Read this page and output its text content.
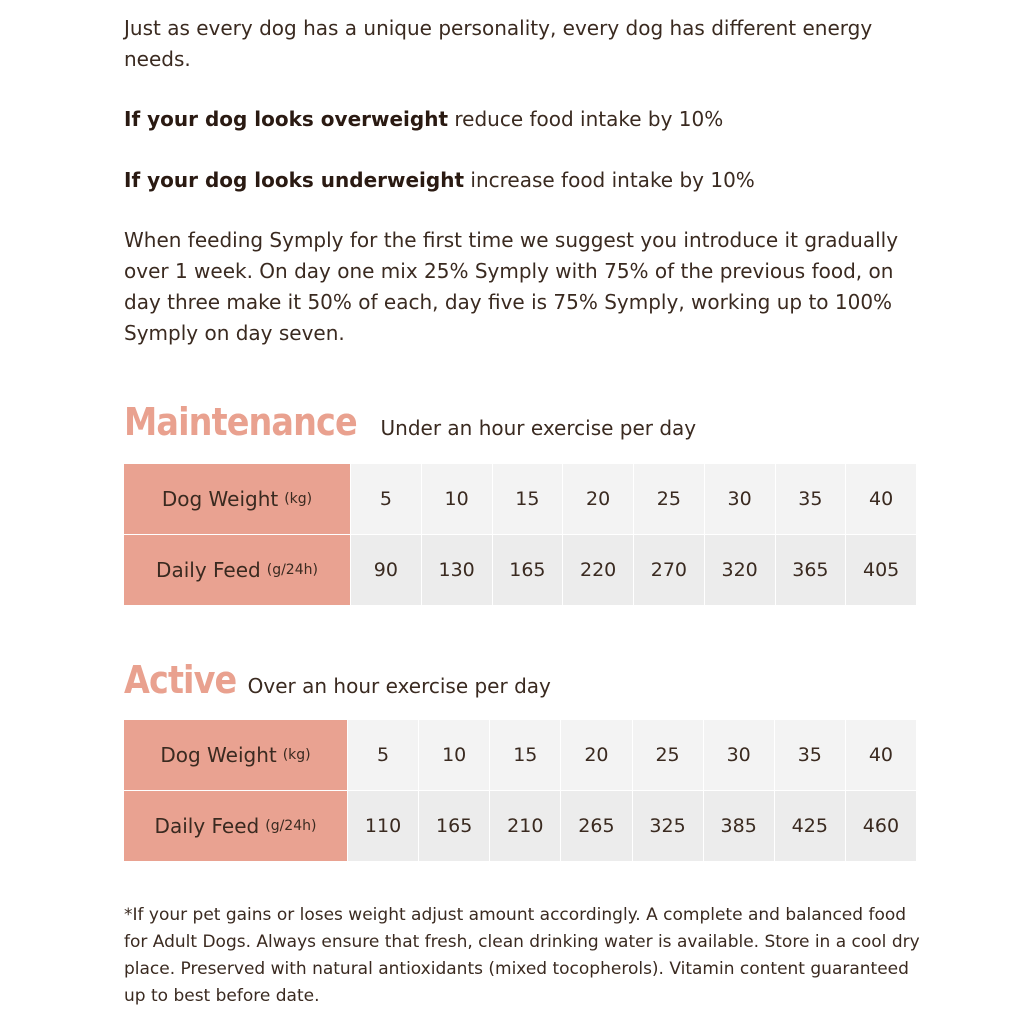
Just as every dog has a unique personality, every dog has different energy needs.

If your dog looks overweight reduce food intake by 10%

If your dog looks underweight increase food intake by 10%

When feeding Symply for the first time we suggest you introduce it gradually over 1 week. On day one mix 25% Symply with 75% of the previous food, on day three make it 50% of each, day five is 75% Symply, working up to 100% Symply on day seven.

Maintenance Under an hour exercise per day
Dog Weight (kg)	5	10	15	20	25	30	35	40
Daily Feed (g/24h)	90	130	165	220	270	320	365	405
Active Over an hour exercise per day
Dog Weight (kg)	5	10	15	20	25	30	35	40
Daily Feed (g/24h)	110	165	210	265	325	385	425	460

*If your pet gains or loses weight adjust amount accordingly. A complete and balanced food for Adult Dogs. Always ensure that fresh, clean drinking water is available. Store in a cool dry place. Preserved with natural antioxidants (mixed tocopherols). Vitamin content guaranteed up to best before date.
